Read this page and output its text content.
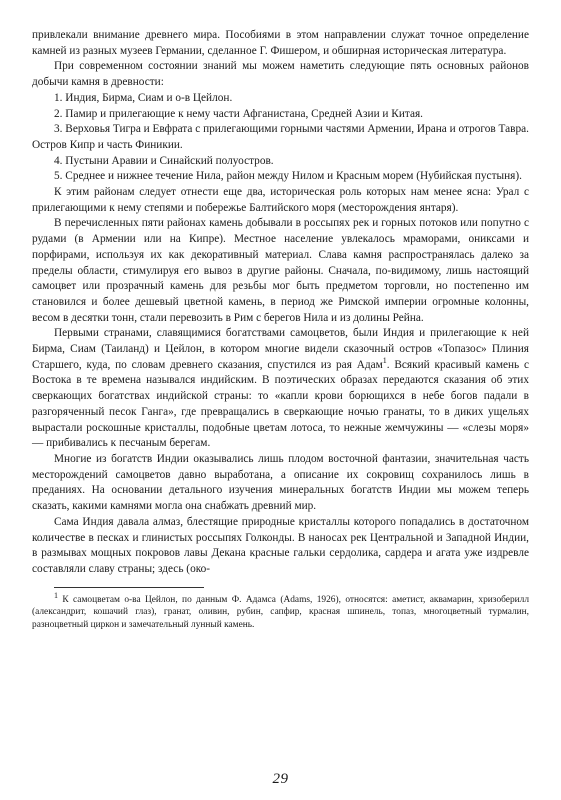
привлекали внимание древнего мира. Пособиями в этом направлении служат точное определение камней из разных музеев Германии, сделанное Г. Фишером, и обширная историческая литература.

При современном состоянии знаний мы можем наметить следующие пять основных районов добычи камня в древности:

1. Индия, Бирма, Сиам и о-в Цейлон.

2. Памир и прилегающие к нему части Афганистана, Средней Азии и Китая.

3. Верховья Тигра и Евфрата с прилегающими горными частями Армении, Ирана и отрогов Тавра. Остров Кипр и часть Финикии.

4. Пустыни Аравии и Синайский полуостров.

5. Среднее и нижнее течение Нила, район между Нилом и Красным морем (Нубийская пустыня).

К этим районам следует отнести еще два, историческая роль которых нам менее ясна: Урал с прилегающими к нему степями и побережье Балтийского моря (месторождения янтаря).

В перечисленных пяти районах камень добывали в россыпях рек и горных потоков или попутно с рудами (в Армении или на Кипре). Местное население увлекалось мраморами, ониксами и порфирами, используя их как декоративный материал. Слава камня распространялась далеко за пределы области, стимулируя его вывоз в другие районы. Сначала, по-видимому, лишь настоящий самоцвет или прозрачный камень для резьбы мог быть предметом торговли, но постепенно им становился и более дешевый цветной камень, в период же Римской империи огромные колонны, весом в десятки тонн, стали перевозить в Рим с берегов Нила и из долины Рейна.

Первыми странами, славящимися богатствами самоцветов, были Индия и прилегающие к ней Бирма, Сиам (Таиланд) и Цейлон, в котором многие видели сказочный остров «Топазос» Плиния Старшего, куда, по словам древнего сказания, спустился из рая Адам$^1$. Всякий красивый камень с Востока в те времена назывался индийским. В поэтических образах передаются сказания об этих сверкающих богатствах индийской страны: то «капли крови борющихся в небе богов падали в разгоряченный песок Ганга», где превращались в сверкающие ночью гранаты, то в диких ущельях вырастали роскошные кристаллы, подобные цветам лотоса, то нежные жемчужины — «слезы моря» — прибивались к песчаным берегам.

Многие из богатств Индии оказывались лишь плодом восточной фантазии, значительная часть месторождений самоцветов давно выработана, а описание их сокровищ сохранилось лишь в преданиях. На основании детального изучения минеральных богатств Индии мы можем теперь сказать, какими камнями могла она снабжать древний мир.

Сама Индия давала алмаз, блестящие природные кристаллы которого попадались в достаточном количестве в песках и глинистых россыпях Голконды. В наносах рек Центральной и Западной Индии, в размывах мощных покровов лавы Декана красные гальки сердолика, сардера и агата уже издревле составляли славу страны; здесь (око-

$^1$ К самоцветам о-ва Цейлон, по данным Ф. Адамса (Adams, 1926), относятся: аметист, аквамарин, хризоберилл (александрит, кошачий глаз), гранат, оливин, рубин, сапфир, красная шпинель, топаз, многоцветный турмалин, разноцветный циркон и замечательный лунный камень.

29
